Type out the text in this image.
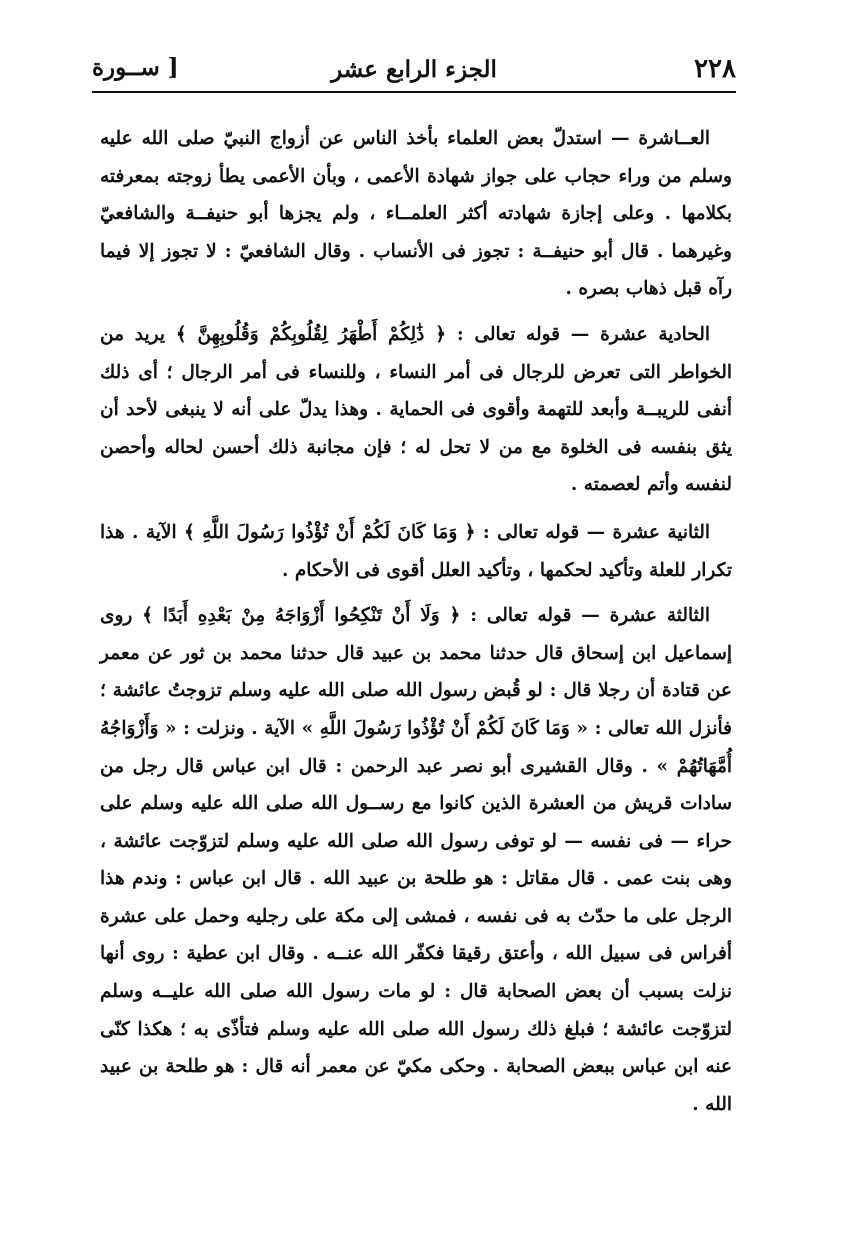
٢٢٨
الجزء الرابع عشر
[ ســورة

العــاشرة — استدلّ بعض العلماء بأخذ الناس عن أزواج النبيّ صلى الله عليه وسلم من وراء حجاب على جواز شهادة الأعمى ، وبأن الأعمى يطأ زوجته بمعرفته بكلامها . وعلى إجازة شهادته أكثر العلمــاء ، ولم يجزها أبو حنيفــة والشافعيّ وغيرهما . قال أبو حنيفــة : تجوز فى الأنساب . وقال الشافعيّ : لا تجوز إلا فيما رآه قبل ذهاب بصره .

الحادية عشرة — قوله تعالى : ﴿ ذَٰلِكُمْ أَطْهَرُ لِقُلُوبِكُمْ وَقُلُوبِهِنَّ ﴾ يريد من الخواطر التى تعرض للرجال فى أمر النساء ، وللنساء فى أمر الرجال ؛ أى ذلك أنفى للريبــة وأبعد للتهمة وأقوى فى الحماية . وهذا يدلّ على أنه لا ينبغى لأحد أن يثق بنفسه فى الخلوة مع من لا تحل له ؛ فإن مجانبة ذلك أحسن لحاله وأحصن لنفسه وأتم لعصمته .

الثانية عشرة — قوله تعالى : ﴿ وَمَا كَانَ لَكُمْ أَنْ تُؤْذُوا رَسُولَ اللَّهِ ﴾ الآية . هذا تكرار للعلة وتأكيد لحكمها ، وتأكيد العلل أقوى فى الأحكام .

الثالثة عشرة — قوله تعالى : ﴿ وَلَا أَنْ تَنْكِحُوا أَزْوَاجَهُ مِنْ بَعْدِهِ أَبَدًا ﴾ روى إسماعيل ابن إسحاق قال حدثنا محمد بن عبيد قال حدثنا محمد بن ثور عن معمر عن قتادة أن رجلا قال : لو قُبض رسول الله صلى الله عليه وسلم تزوجتُ عائشة ؛ فأنزل الله تعالى : « وَمَا كَانَ لَكُمْ أَنْ تُؤْذُوا رَسُولَ اللَّهِ » الآية . ونزلت : « وَأَزْوَاجُهُ أُمَّهَاتُهُمْ » . وقال القشيرى أبو نصر عبد الرحمن : قال ابن عباس قال رجل من سادات قريش من العشرة الذين كانوا مع رســول الله صلى الله عليه وسلم على حراء — فى نفسه — لو توفى رسول الله صلى الله عليه وسلم لتزوّجت عائشة ، وهى بنت عمى . قال مقاتل : هو طلحة بن عبيد الله . قال ابن عباس : وندم هذا الرجل على ما حدّث به فى نفسه ، فمشى إلى مكة على رجليه وحمل على عشرة أفراس فى سبيل الله ، وأعتق رقيقا فكفّر الله عنــه . وقال ابن عطية : روى أنها نزلت بسبب أن بعض الصحابة قال : لو مات رسول الله صلى الله عليــه وسلم لتزوّجت عائشة ؛ فبلغ ذلك رسول الله صلى الله عليه وسلم فتأذّى به ؛ هكذا كنّى عنه ابن عباس ببعض الصحابة . وحكى مكيّ عن معمر أنه قال : هو طلحة بن عبيد الله .
